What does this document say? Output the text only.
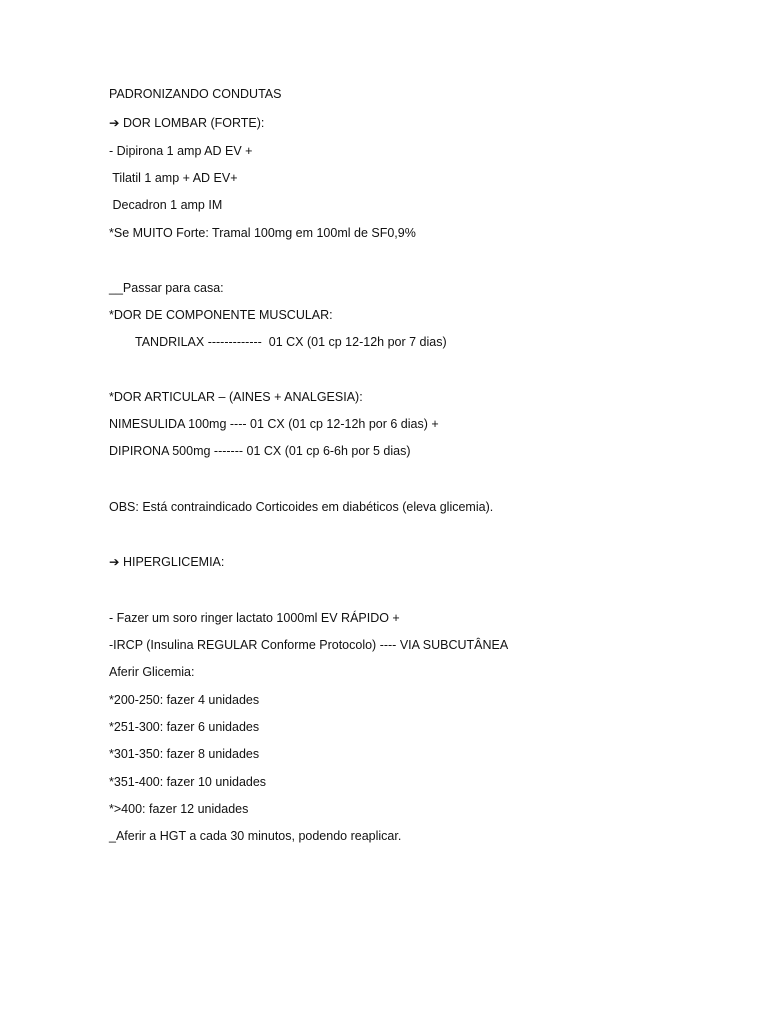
PADRONIZANDO CONDUTAS
➔ DOR LOMBAR (FORTE):
- Dipirona 1 amp AD EV +
Tilatil 1 amp + AD EV+
Decadron 1 amp IM
*Se MUITO Forte: Tramal 100mg em 100ml de SF0,9%
__Passar para casa:
*DOR DE COMPONENTE MUSCULAR:
TANDRILAX -------------  01 CX (01 cp 12-12h por 7 dias)
*DOR ARTICULAR – (AINES + ANALGESIA):
NIMESULIDA 100mg ---- 01 CX (01 cp 12-12h por 6 dias) +
DIPIRONA 500mg ------- 01 CX (01 cp 6-6h por 5 dias)
OBS: Está contraindicado Corticoides em diabéticos (eleva glicemia).
➔ HIPERGLICEMIA:
- Fazer um soro ringer lactato 1000ml EV RÁPIDO +
-IRCP (Insulina REGULAR Conforme Protocolo) ---- VIA SUBCUTÂNEA
Aferir Glicemia:
*200-250: fazer 4 unidades
*251-300: fazer 6 unidades
*301-350: fazer 8 unidades
*351-400: fazer 10 unidades
*>400: fazer 12 unidades
_Aferir a HGT a cada 30 minutos, podendo reaplicar.
